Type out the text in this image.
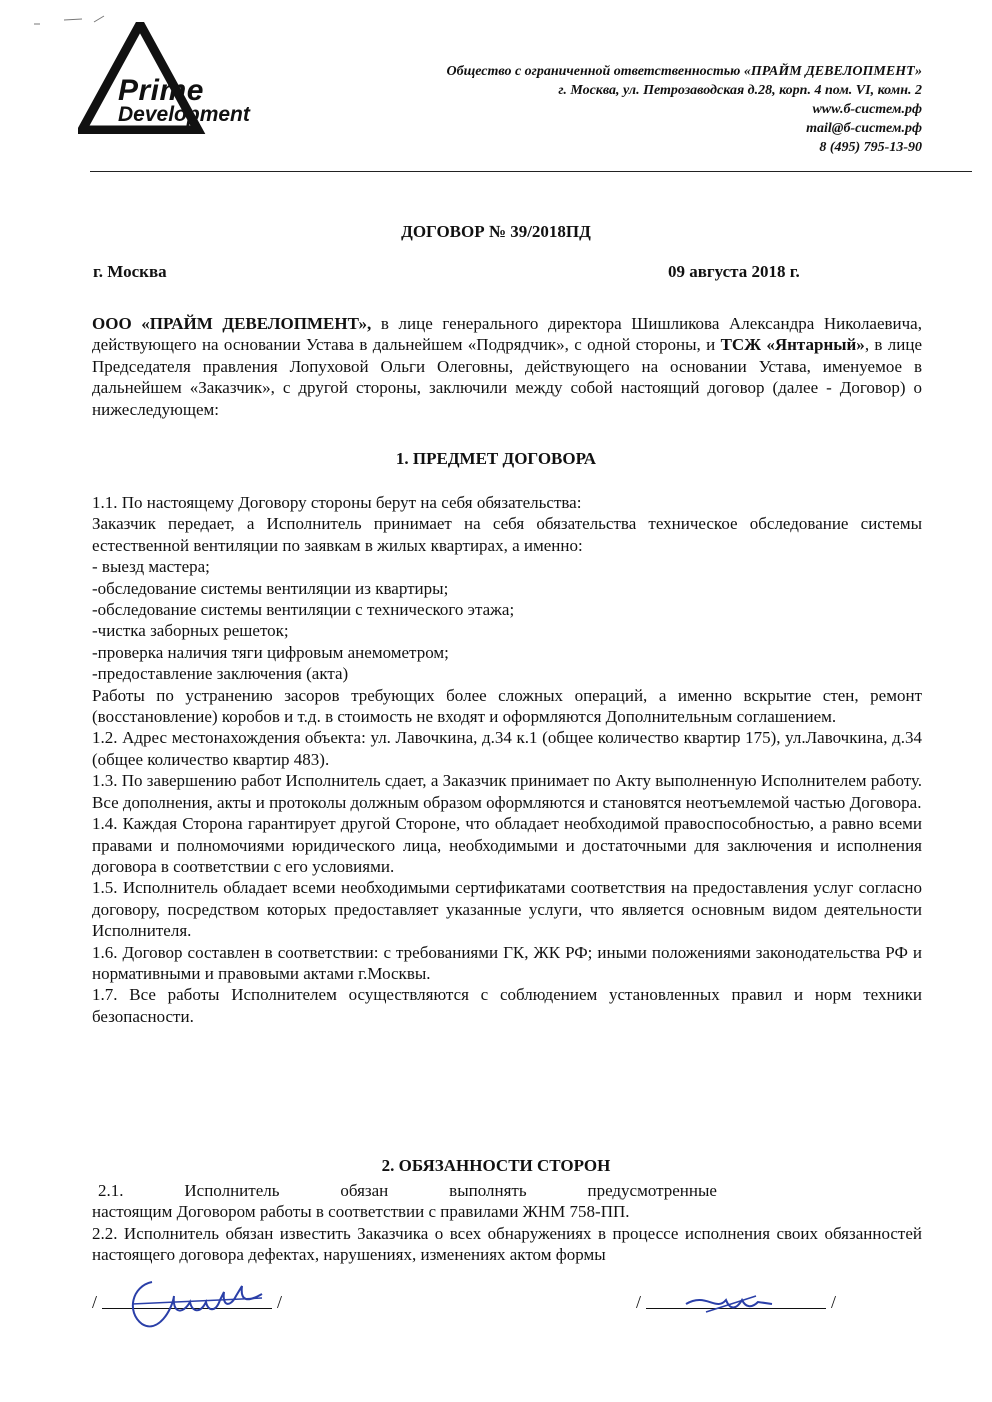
Prime
Development
Общество с ограниченной ответственностью «ПРАЙМ ДЕВЕЛОПМЕНТ»
г. Москва, ул. Петрозаводская д.28, корп. 4 пом. VI, комн. 2
www.б-систем.рф
mail@б-систем.рф
8 (495) 795-13-90
ДОГОВОР № 39/2018ПД
г. Москва	09 августа 2018 г.

ООО «ПРАЙМ ДЕВЕЛОПМЕНТ», в лице генерального директора Шишликова Александра Николаевича, действующего на основании Устава в дальнейшем «Подрядчик», с одной стороны, и ТСЖ «Янтарный», в лице Председателя правления Лопуховой Ольги Олеговны, действующего на основании Устава, именуемое в дальнейшем «Заказчик», с другой стороны, заключили между собой настоящий договор (далее - Договор) о нижеследующем:

1. ПРЕДМЕТ ДОГОВОРА

1.1. По настоящему Договору стороны берут на себя обязательства:

Заказчик передает, а Исполнитель принимает на себя обязательства техническое обследование системы естественной вентиляции по заявкам в жилых квартирах, а именно:

- выезд мастера;

-обследование системы вентиляции из квартиры;

-обследование системы вентиляции с технического этажа;

-чистка заборных решеток;

-проверка наличия тяги цифровым анемометром;

-предоставление заключения (акта)

Работы по устранению засоров требующих более сложных операций, а именно вскрытие стен, ремонт (восстановление) коробов и т.д. в стоимость не входят и оформляются Дополнительным соглашением.

1.2. Адрес местонахождения объекта: ул. Лавочкина, д.34 к.1 (общее количество квартир 175), ул.Лавочкина, д.34 (общее количество квартир 483).

1.3. По завершению работ Исполнитель сдает, а Заказчик принимает по Акту выполненную Исполнителем работу. Все дополнения, акты и протоколы должным образом оформляются и становятся неотъемлемой частью Договора.

1.4. Каждая Сторона гарантирует другой Стороне, что обладает необходимой правоспособностью, а равно всеми правами и полномочиями юридического лица, необходимыми и достаточными для заключения и исполнения договора в соответствии с его условиями.

1.5. Исполнитель обладает всеми необходимыми сертификатами соответствия на предоставления услуг согласно договору, посредством которых предоставляет указанные услуги, что является основным видом деятельности Исполнителя.

1.6. Договор составлен в соответствии: с требованиями ГК, ЖК РФ; иными положениями законодательства РФ и нормативными и правовыми актами г.Москвы.

1.7. Все работы Исполнителем осуществляются с соблюдением установленных правил и норм техники безопасности.

2. ОБЯЗАННОСТИ СТОРОН

2.1.	Исполнитель	обязан	выполнять	предусмотренные

настоящим Договором работы в соответствии с правилами ЖНМ 758-ПП.

2.2. Исполнитель обязан известить Заказчика о всех обнаружениях в процессе исполнения своих обязанностей настоящего договора дефектах, нарушениях, изменениях актом формы

/	/	/	/
